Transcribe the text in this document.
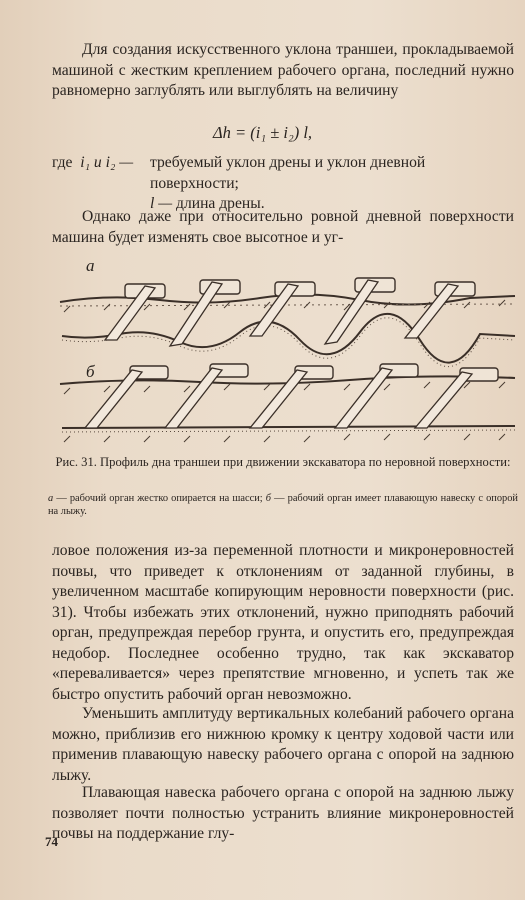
Для создания искусственного уклона траншеи, прокладываемой машиной с жестким креплением рабочего органа, последний нужно равномерно заглублять или выглублять на величину

Δh = (i₁ ± i₂) l,
где i₁ и i₂ —	требуемый уклон дрены и уклон дневной поверхности;
l — длина дрены.

Однако даже при относительно ровной дневной поверхности машина будет изменять свое высотное и уг-

а
б
Рис. 31. Профиль дна траншеи при движении экскаватора по неровной поверхности:
а — рабочий орган жестко опирается на шасси; б — рабочий орган имеет плавающую навеску с опорой на лыжу.

ловое положения из-за переменной плотности и микронеровностей почвы, что приведет к отклонениям от заданной глубины, в увеличенном масштабе копирующим неровности поверхности (рис. 31). Чтобы избежать этих отклонений, нужно приподнять рабочий орган, предупреждая перебор грунта, и опустить его, предупреждая недобор. Последнее особенно трудно, так как экскаватор «переваливается» через препятствие мгновенно, и успеть так же быстро опустить рабочий орган невозможно.

Уменьшить амплитуду вертикальных колебаний рабочего органа можно, приблизив его нижнюю кромку к центру ходовой части или применив плавающую навеску рабочего органа с опорой на заднюю лыжу.

Плавающая навеска рабочего органа с опорой на заднюю лыжу позволяет почти полностью устранить влияние микронеровностей почвы на поддержание глу-

74
